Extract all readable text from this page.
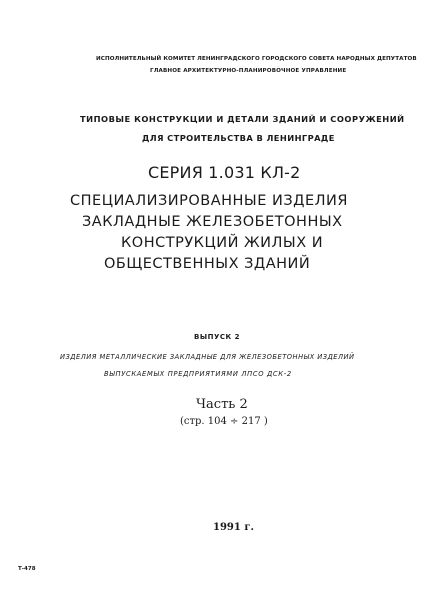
ИСПОЛНИТЕЛЬНЫЙ КОМИТЕТ ЛЕНИНГРАДСКОГО ГОРОДСКОГО СОВЕТА НАРОДНЫХ ДЕПУТАТОВ
ГЛАВНОЕ АРХИТЕКТУРНО-ПЛАНИРОВОЧНОЕ УПРАВЛЕНИЕ
ТИПОВЫЕ КОНСТРУКЦИИ И ДЕТАЛИ ЗДАНИЙ И СООРУЖЕНИЙ
ДЛЯ СТРОИТЕЛЬСТВА В ЛЕНИНГРАДЕ
СЕРИЯ 1.031 КЛ-2
СПЕЦИАЛИЗИРОВАННЫЕ ИЗДЕЛИЯ
ЗАКЛАДНЫЕ ЖЕЛЕЗОБЕТОННЫХ
КОНСТРУКЦИЙ ЖИЛЫХ И
ОБЩЕСТВЕННЫХ ЗДАНИЙ
ВЫПУСК 2
ИЗДЕЛИЯ МЕТАЛЛИЧЕСКИЕ ЗАКЛАДНЫЕ ДЛЯ ЖЕЛЕЗОБЕТОННЫХ ИЗДЕЛИЙ
ВЫПУСКАЕМЫХ ПРЕДПРИЯТИЯМИ ЛПСО ДСК-2
Часть 2
(стр. 104 ÷ 217 )
1991 г.
Т-478
